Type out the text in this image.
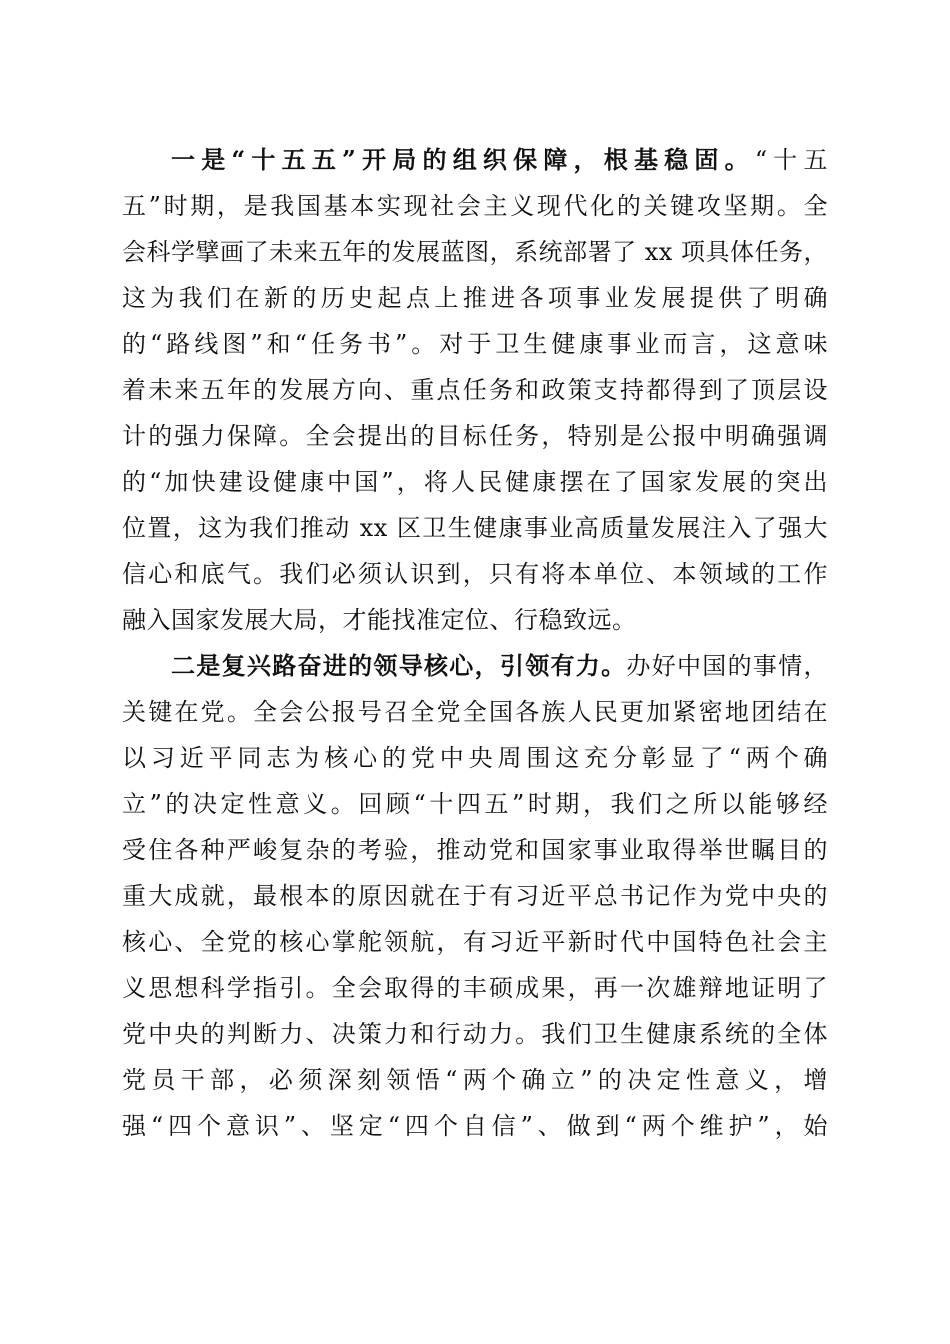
一是“十五五”开局的组织保障，根基稳固。“十五
五”时期，是我国基本实现社会主义现代化的关键攻坚期。全
会科学擘画了未来五年的发展蓝图，系统部署了 xx 项具体任务，
这为我们在新的历史起点上推进各项事业发展提供了明确
的“路线图”和“任务书”。对于卫生健康事业而言，这意味
着未来五年的发展方向、重点任务和政策支持都得到了顶层设
计的强力保障。全会提出的目标任务，特别是公报中明确强调
的“加快建设健康中国”，将人民健康摆在了国家发展的突出
位置，这为我们推动 xx 区卫生健康事业高质量发展注入了强大
信心和底气。我们必须认识到，只有将本单位、本领域的工作
融入国家发展大局，才能找准定位、行稳致远。
二是复兴路奋进的领导核心，引领有力。办好中国的事情，
关键在党。全会公报号召全党全国各族人民更加紧密地团结在
以习近平同志为核心的党中央周围这充分彰显了“两个确
立”的决定性意义。回顾“十四五”时期，我们之所以能够经
受住各种严峻复杂的考验，推动党和国家事业取得举世瞩目的
重大成就，最根本的原因就在于有习近平总书记作为党中央的
核心、全党的核心掌舵领航，有习近平新时代中国特色社会主
义思想科学指引。全会取得的丰硕成果，再一次雄辩地证明了
党中央的判断力、决策力和行动力。我们卫生健康系统的全体
党员干部，必须深刻领悟“两个确立”的决定性意义，增
强“四个意识”、坚定“四个自信”、做到“两个维护”，始
